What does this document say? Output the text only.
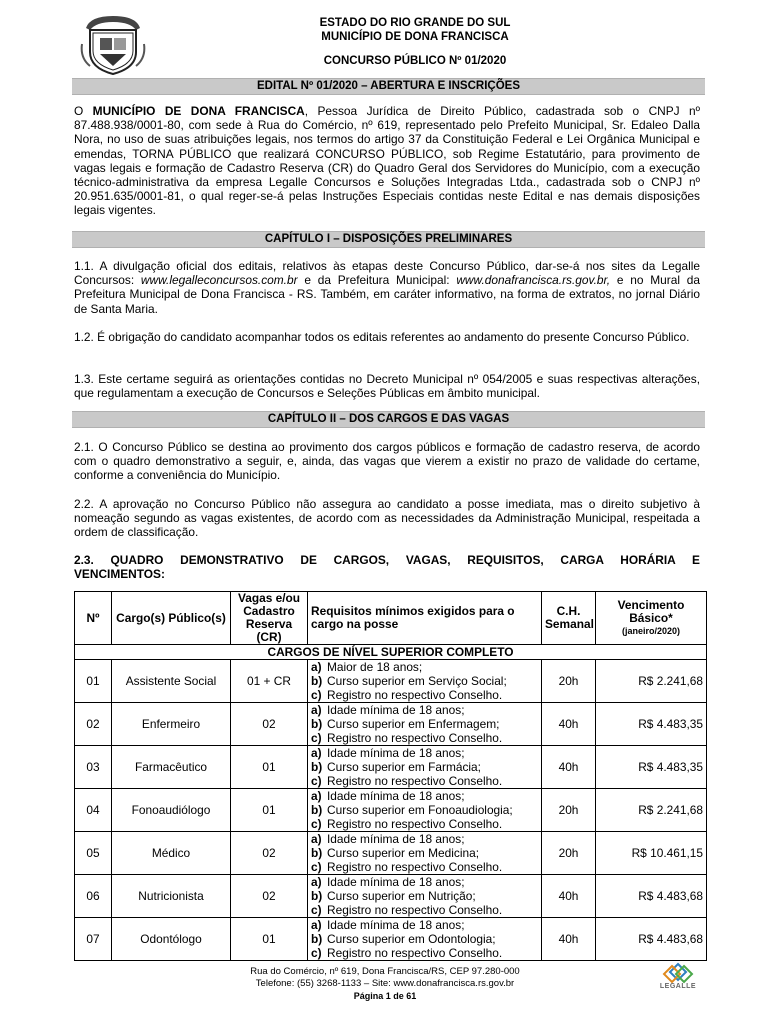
ESTADO DO RIO GRANDE DO SUL
MUNICÍPIO DE DONA FRANCISCA
CONCURSO PÚBLICO Nº 01/2020
EDITAL Nº 01/2020 – ABERTURA E INSCRIÇÕES

O MUNICÍPIO DE DONA FRANCISCA, Pessoa Jurídica de Direito Público, cadastrada sob o CNPJ nº 87.488.938/0001-80, com sede à Rua do Comércio, nº 619, representado pelo Prefeito Municipal, Sr. Edaleo Dalla Nora, no uso de suas atribuições legais, nos termos do artigo 37 da Constituição Federal e Lei Orgânica Municipal e emendas, TORNA PÚBLICO que realizará CONCURSO PÚBLICO, sob Regime Estatutário, para provimento de vagas legais e formação de Cadastro Reserva (CR) do Quadro Geral dos Servidores do Município, com a execução técnico-administrativa da empresa Legalle Concursos e Soluções Integradas Ltda., cadastrada sob o CNPJ nº 20.951.635/0001-81, o qual reger-se-á pelas Instruções Especiais contidas neste Edital e nas demais disposições legais vigentes.

CAPÍTULO I – DISPOSIÇÕES PRELIMINARES

1.1. A divulgação oficial dos editais, relativos às etapas deste Concurso Público, dar-se-á nos sites da Legalle Concursos: www.legalleconcursos.com.br e da Prefeitura Municipal: www.donafrancisca.rs.gov.br, e no Mural da Prefeitura Municipal de Dona Francisca - RS. Também, em caráter informativo, na forma de extratos, no jornal Diário de Santa Maria.

1.2. É obrigação do candidato acompanhar todos os editais referentes ao andamento do presente Concurso Público.

1.3. Este certame seguirá as orientações contidas no Decreto Municipal nº 054/2005 e suas respectivas alterações, que regulamentam a execução de Concursos e Seleções Públicas em âmbito municipal.

CAPÍTULO II – DOS CARGOS E DAS VAGAS

2.1. O Concurso Público se destina ao provimento dos cargos públicos e formação de cadastro reserva, de acordo com o quadro demonstrativo a seguir, e, ainda, das vagas que vierem a existir no prazo de validade do certame, conforme a conveniência do Município.

2.2. A aprovação no Concurso Público não assegura ao candidato a posse imediata, mas o direito subjetivo à nomeação segundo as vagas existentes, de acordo com as necessidades da Administração Municipal, respeitada a ordem de classificação.

2.3. QUADRO DEMONSTRATIVO DE CARGOS, VAGAS, REQUISITOS, CARGA HORÁRIA E
VENCIMENTOS:
Nº	Cargo(s) Público(s)	Vagas e/ou Cadastro Reserva (CR)	Requisitos mínimos exigidos para o cargo na posse	C.H. Semanal	Vencimento Básico*
(janeiro/2020)

CARGOS DE NÍVEL SUPERIOR COMPLETO					
01	Assistente Social	01 + CR	a) Maior de 18 anos;
b) Curso superior em Serviço Social;
c) Registro no respectivo Conselho.	20h	R$ 2.241,68
02	Enfermeiro	02	a) Idade mínima de 18 anos;
b) Curso superior em Enfermagem;
c) Registro no respectivo Conselho.	40h	R$ 4.483,35
03	Farmacêutico	01	a) Idade mínima de 18 anos;
b) Curso superior em Farmácia;
c) Registro no respectivo Conselho.	40h	R$ 4.483,35
04	Fonoaudiólogo	01	a) Idade mínima de 18 anos;
b) Curso superior em Fonoaudiologia;
c) Registro no respectivo Conselho.	20h	R$ 2.241,68
05	Médico	02	a) Idade mínima de 18 anos;
b) Curso superior em Medicina;
c) Registro no respectivo Conselho.	20h	R$ 10.461,15
06	Nutricionista	02	a) Idade mínima de 18 anos;
b) Curso superior em Nutrição;
c) Registro no respectivo Conselho.	40h	R$ 4.483,68
07	Odontólogo	01	a) Idade mínima de 18 anos;
b) Curso superior em Odontologia;
c) Registro no respectivo Conselho.	40h	R$ 4.483,68
Rua do Comércio, nº 619, Dona Francisca/RS, CEP 97.280-000
Telefone: (55) 3268-1133 – Site: www.donafrancisca.rs.gov.br
Página 1 de 61
LEGALLE
